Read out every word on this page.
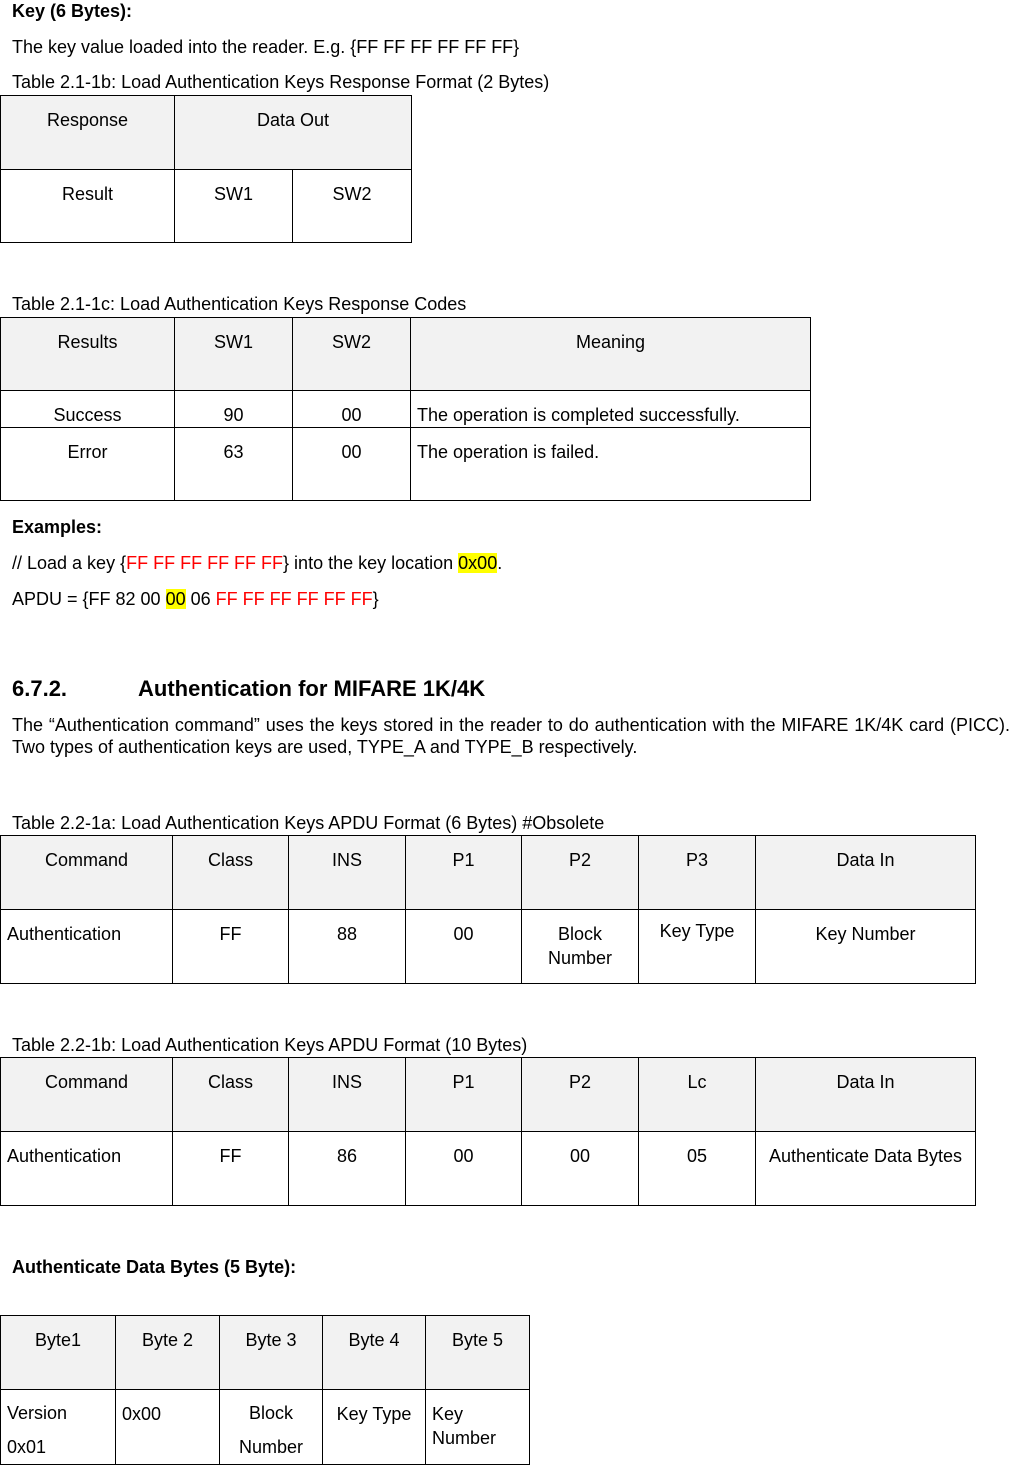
Key (6 Bytes):
The key value loaded into the reader. E.g. {FF FF FF FF FF FF}
Table 2.1-1b: Load Authentication Keys Response Format (2 Bytes)
Response	Data Out	
Result	SW1	SW2
Table 2.1-1c: Load Authentication Keys Response Codes
Results	SW1	SW2	Meaning
Success	90	00	The operation is completed successfully.
Error	63	00	The operation is failed.
Examples:
// Load a key {FF FF FF FF FF FF} into the key location 0x00.
APDU = {FF 82 00 00 06 FF FF FF FF FF FF}
6.7.2.	Authentication for MIFARE 1K/4K
The “Authentication command” uses the keys stored in the reader to do authentication with the MIFARE 1K/4K card (PICC). Two types of authentication keys are used, TYPE_A and TYPE_B respectively.
Table 2.2-1a: Load Authentication Keys APDU Format (6 Bytes) #Obsolete
Command	Class	INS	P1	P2	P3	Data In
Authentication	FF	88	00	Block Number	Key Type	Key Number
Table 2.2-1b: Load Authentication Keys APDU Format (10 Bytes)
Command	Class	INS	P1	P2	Lc	Data In
Authentication	FF	86	00	00	05	Authenticate Data Bytes
Authenticate Data Bytes (5 Byte):
Byte1	Byte 2	Byte 3	Byte 4	Byte 5
Version 0x01	0x00	Block Number	Key Type	Key Number
